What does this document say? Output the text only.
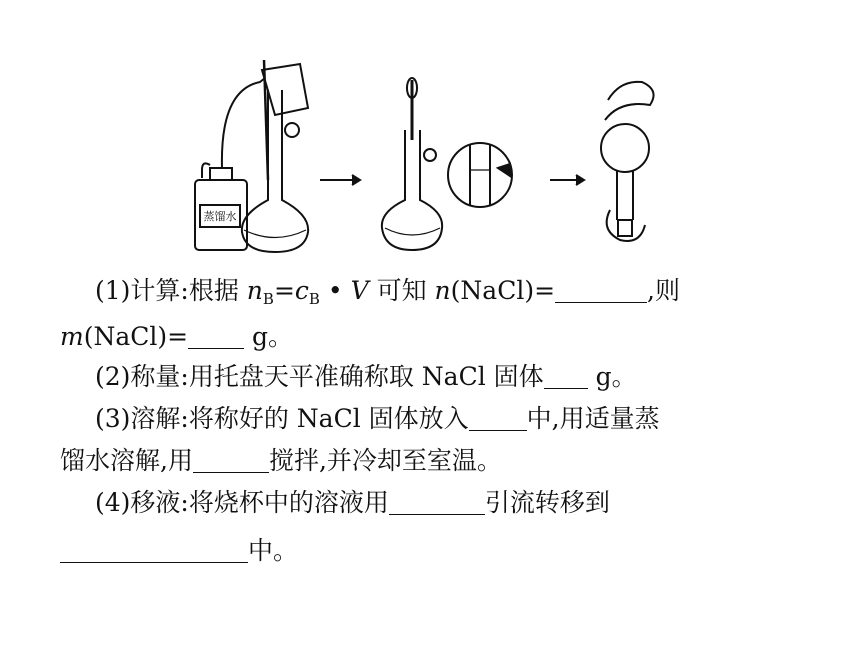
蒸馏水
(1)计算:根据 $n_B=c_B$ • V 可知 n(NaCl)=	,则
m(NaCl)= g。
(2)称量:用托盘天平准确称取 NaCl 固体 g。
(3)溶解:将称好的 NaCl 固体放入 中,用适量蒸
馏水溶解,用	搅拌,并冷却至室温。
(4)移液:将烧杯中的溶液用	引流转移到
中。
